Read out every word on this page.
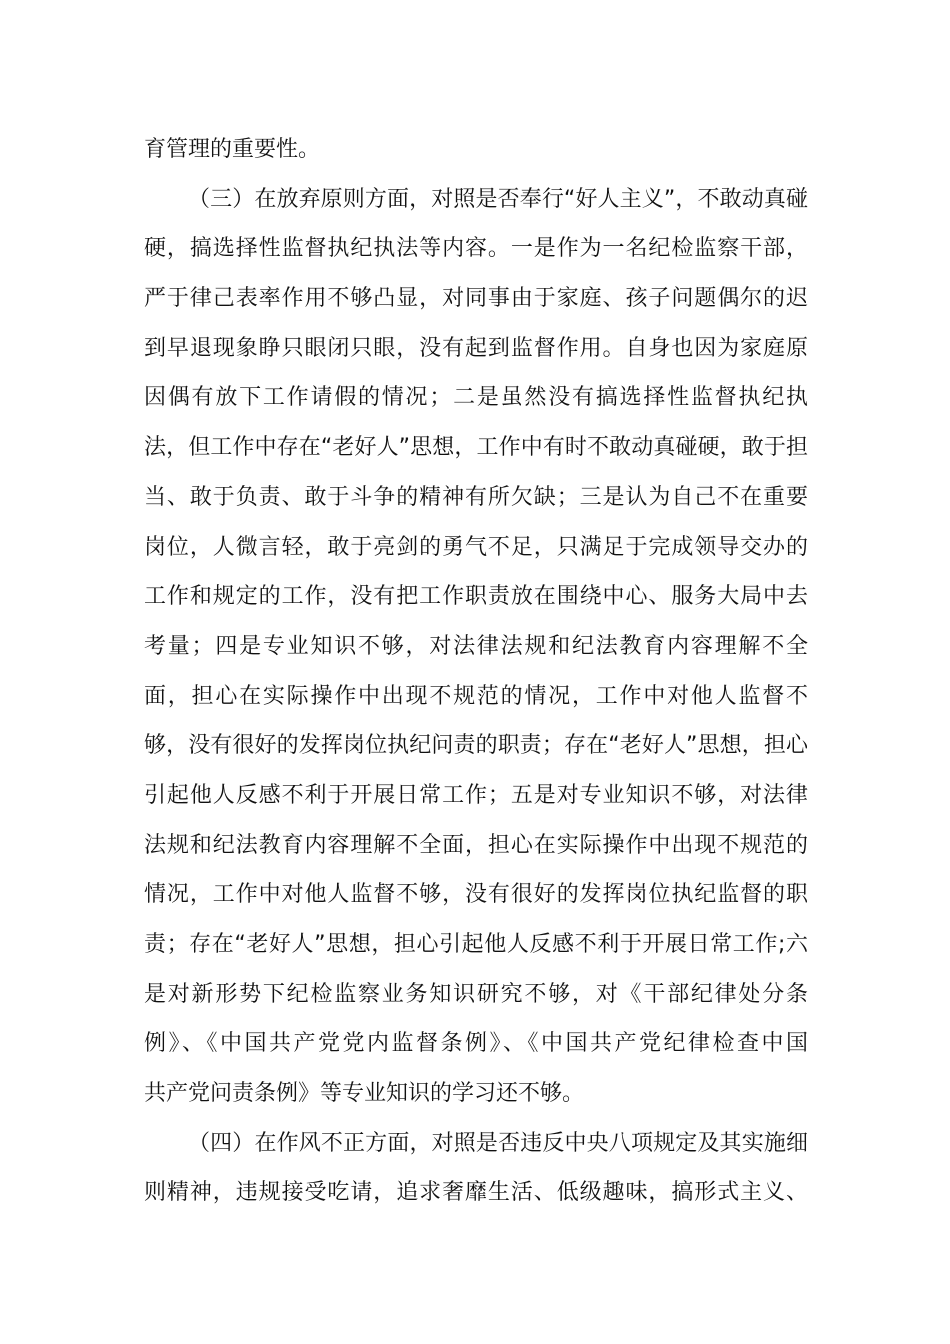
育管理的重要性。
（三）在放弃原则方面，对照是否奉行“好人主义”，不敢动真碰
硬，搞选择性监督执纪执法等内容。一是作为一名纪检监察干部，
严于律己表率作用不够凸显，对同事由于家庭、孩子问题偶尔的迟
到早退现象睁只眼闭只眼，没有起到监督作用。自身也因为家庭原
因偶有放下工作请假的情况；二是虽然没有搞选择性监督执纪执
法，但工作中存在“老好人”思想，工作中有时不敢动真碰硬，敢于担
当、敢于负责、敢于斗争的精神有所欠缺；三是认为自己不在重要
岗位，人微言轻，敢于亮剑的勇气不足，只满足于完成领导交办的
工作和规定的工作，没有把工作职责放在围绕中心、服务大局中去
考量；四是专业知识不够，对法律法规和纪法教育内容理解不全
面，担心在实际操作中出现不规范的情况，工作中对他人监督不
够，没有很好的发挥岗位执纪问责的职责；存在“老好人”思想，担心
引起他人反感不利于开展日常工作；五是对专业知识不够，对法律
法规和纪法教育内容理解不全面，担心在实际操作中出现不规范的
情况，工作中对他人监督不够，没有很好的发挥岗位执纪监督的职
责；存在“老好人”思想，担心引起他人反感不利于开展日常工作;六
是对新形势下纪检监察业务知识研究不够，对《干部纪律处分条
例》、《中国共产党党内监督条例》、《中国共产党纪律检查中国
共产党问责条例》等专业知识的学习还不够。
（四）在作风不正方面，对照是否违反中央八项规定及其实施细
则精神，违规接受吃请，追求奢靡生活、低级趣味，搞形式主义、
